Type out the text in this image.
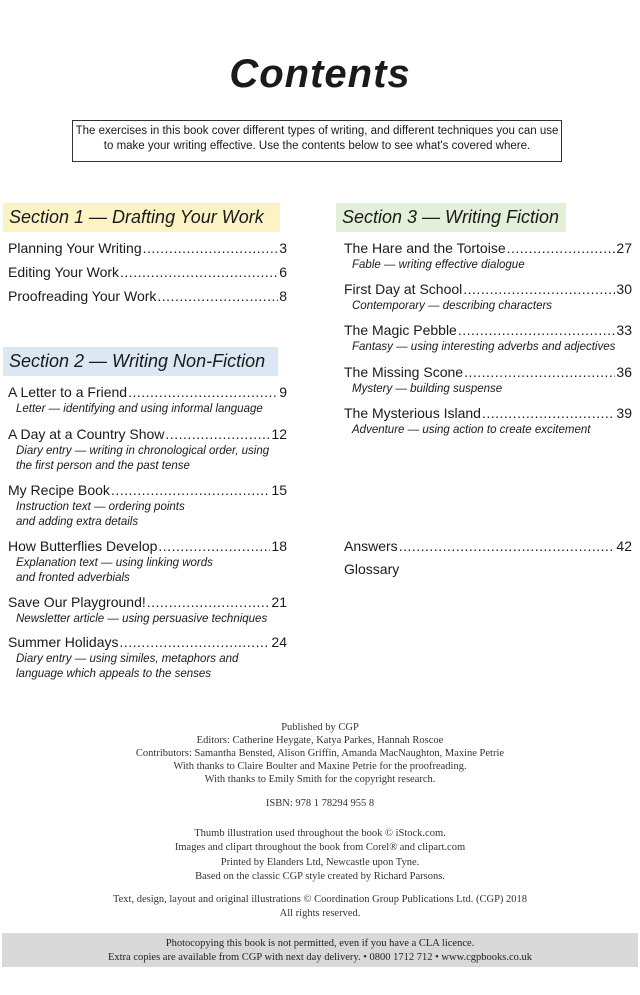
Contents
The exercises in this book cover different types of writing, and different techniques you can use to make your writing effective. Use the contents below to see what's covered where.
Section 1 — Drafting Your Work
Section 2 — Writing Non-Fiction
Section 3 — Writing Fiction
Planning Your Writing .....	3
Editing Your Work .....	6
Proofreading Your Work .....	8
A Letter to a Friend .....	9
Letter — identifying and using informal language
A Day at a Country Show .....	12
Diary entry — writing in chronological order, using
the first person and the past tense
My Recipe Book .....	15
Instruction text — ordering points
and adding extra details
How Butterflies Develop .....	18
Explanation text — using linking words
and fronted adverbials
Save Our Playground! .....	21
Newsletter article — using persuasive techniques
Summer Holidays .....	24
Diary entry — using similes, metaphors and
language which appeals to the senses
The Hare and the Tortoise .....	27
Fable — writing effective dialogue
First Day at School .....	30
Contemporary — describing characters
The Magic Pebble .....	33
Fantasy — using interesting adverbs and adjectives
The Missing Scone .....	36
Mystery — building suspense
The Mysterious Island .....	39
Adventure — using action to create excitement
Answers .....	42
Glossary
Published by CGP
Editors: Catherine Heygate, Katya Parkes, Hannah Roscoe
Contributors: Samantha Bensted, Alison Griffin, Amanda MacNaughton, Maxine Petrie
With thanks to Claire Boulter and Maxine Petrie for the proofreading.
With thanks to Emily Smith for the copyright research.
ISBN: 978 1 78294 955 8
Thumb illustration used throughout the book © iStock.com.
Images and clipart throughout the book from Corel® and clipart.com
Printed by Elanders Ltd, Newcastle upon Tyne.
Based on the classic CGP style created by Richard Parsons.
Text, design, layout and original illustrations © Coordination Group Publications Ltd. (CGP) 2018
All rights reserved.
Photocopying this book is not permitted, even if you have a CLA licence.
Extra copies are available from CGP with next day delivery. • 0800 1712 712 • www.cgpbooks.co.uk
